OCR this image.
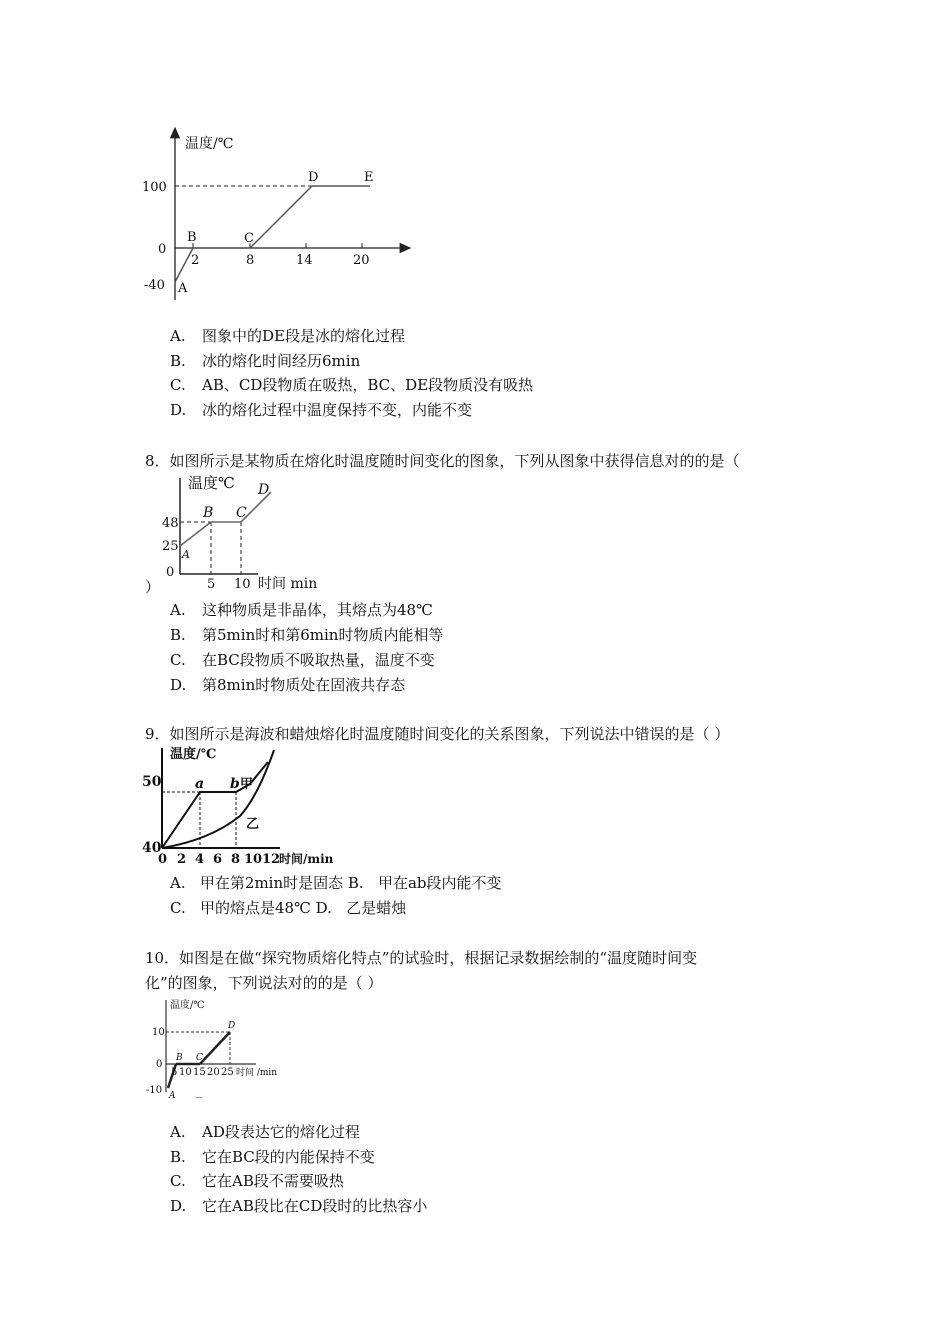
温度/℃
100
0
-40
2	8	14	20
A
B	C
D	E
A. 图象中的DE段是冰的熔化过程
B. 冰的熔化时间经历6min
C. AB、CD段物质在吸热，BC、DE段物质没有吸热
D. 冰的熔化过程中温度保持不变，内能不变
8．如图所示是某物质在熔化时温度随时间变化的图象，下列从图象中获得信息对的的是（
温度℃
48
25
0
5 10 时间 min
A
B C
D
）
A. 这种物质是非晶体，其熔点为48℃
B. 第5min时和第6min时物质内能相等
C. 在BC段物质不吸取热量，温度不变
D. 第8min时物质处在固液共存态
9．如图所示是海波和蜡烛熔化时温度随时间变化的关系图象，下列说法中错误的是（ ）
温度/℃
50
40
0 2 4 6 8 10 12
时间/min
a b 甲
乙
A.   甲在第2min时是固态 B.   甲在ab段内能不变
C.   甲的熔点是48℃ D.   乙是蜡烛
10．如图是在做“探究物质熔化特点”的试验时，根据记录数据绘制的“温度随时间变
化”的图象，下列说法对的的是（ ）
温度/℃
10
0
-10
5 10 15 20 25 时间 /min
A
B C
D
_
A. AD段表达它的熔化过程
B. 它在BC段的内能保持不变
C. 它在AB段不需要吸热
D. 它在AB段比在CD段时的比热容小
